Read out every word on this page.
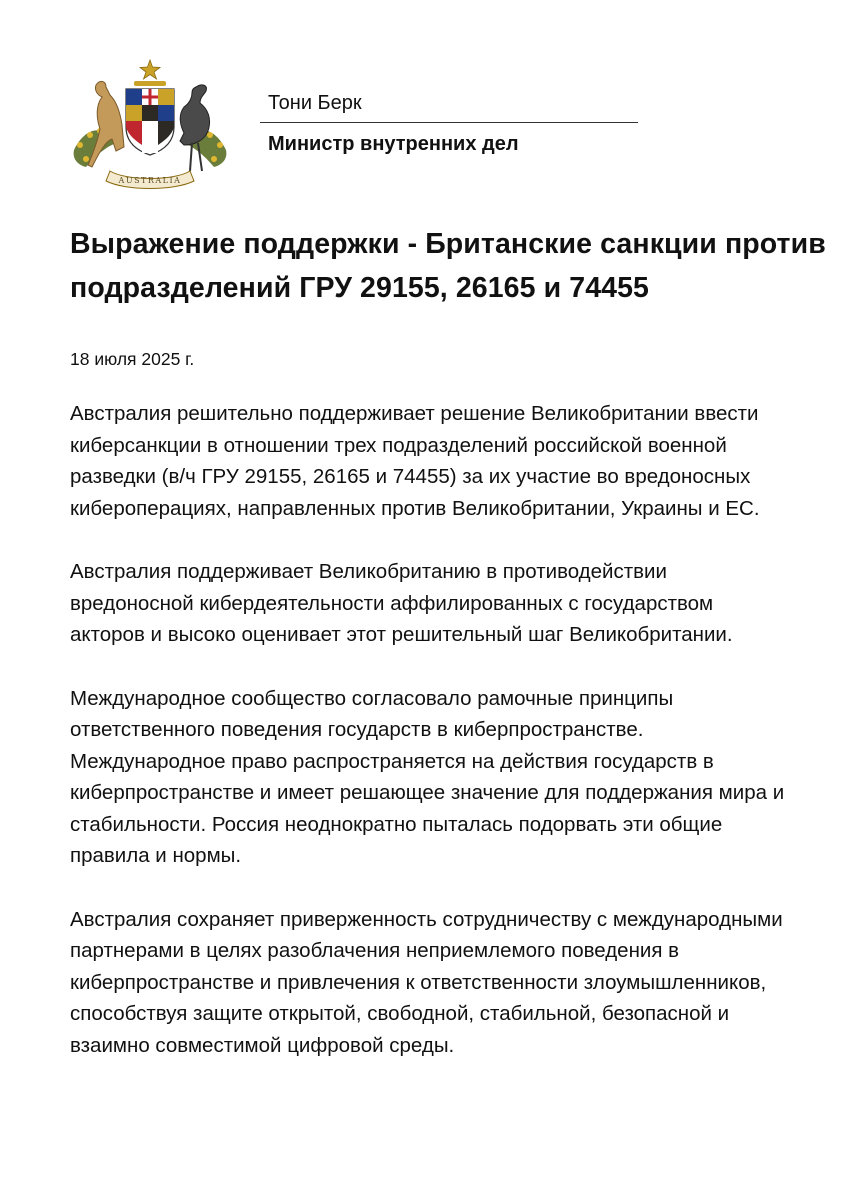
AUSTRALIA
Тони Берк
Министр внутренних дел
Выражение поддержки - Британские санкции против подразделений ГРУ 29155, 26165 и 74455
18 июля 2025 г.

Австралия решительно поддерживает решение Великобритании ввести киберсанкции в отношении трех подразделений российской военной разведки (в/ч ГРУ 29155, 26165 и 74455) за их участие во вредоносных кибероперациях, направленных против Великобритании, Украины и ЕС.

Австралия поддерживает Великобританию в противодействии вредоносной кибердеятельности аффилированных с государством акторов и высоко оценивает этот решительный шаг Великобритании.

Международное сообщество согласовало рамочные принципы ответственного поведения государств в киберпространстве. Международное право распространяется на действия государств в киберпространстве и имеет решающее значение для поддержания мира и стабильности. Россия неоднократно пыталась подорвать эти общие правила и нормы.

Австралия сохраняет приверженность сотрудничеству с международными партнерами в целях разоблачения неприемлемого поведения в киберпространстве и привлечения к ответственности злоумышленников, способствуя защите открытой, свободной, стабильной, безопасной и взаимно совместимой цифровой среды.
